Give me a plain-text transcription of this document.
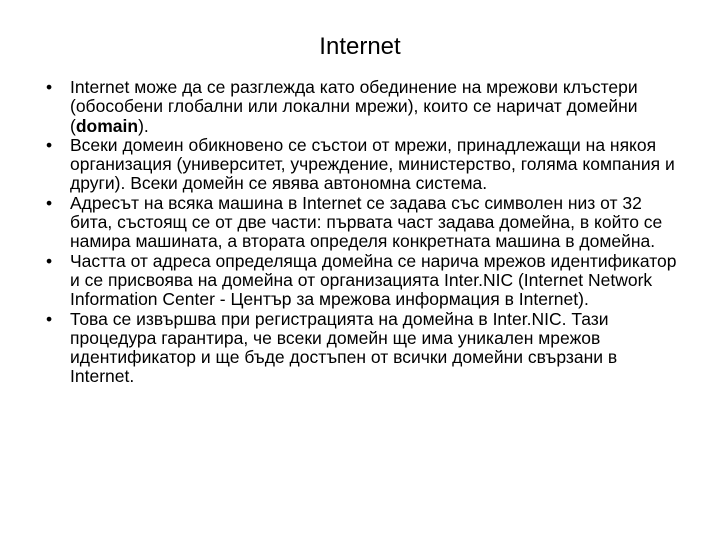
Internet
•	Internet може да се разглежда като обединение на мрежови клъстери (обособени глобални или локални мрежи), които се наричат домейни (domain).
•	Всеки домеин обикновено се състои от мрежи, принадлежащи на някоя организация (университет, учреждение, министерство, голяма компания и други). Всеки домейн се явява автономна система.
•	Адресът на всяка машина в Internet се задава със символен низ от 32 бита, състоящ се от две части: първата част задава домейна, в който се намира машината, а втората определя конкретната машина в домейна.
•	Частта от адреса определяща домейна се нарича мрежов идентификатор и се присвоява на домейна от организацията Inter.NIC (Internet Network Information Center - Център за мрежова информация в Internet).
•	Това се извършва при регистрацията на домейна в Inter.NIC. Тази процедура гарантира, че всеки домейн ще има уникален мрежов идентификатор и ще бъде достъпен от всички домейни свързани в Internet.
